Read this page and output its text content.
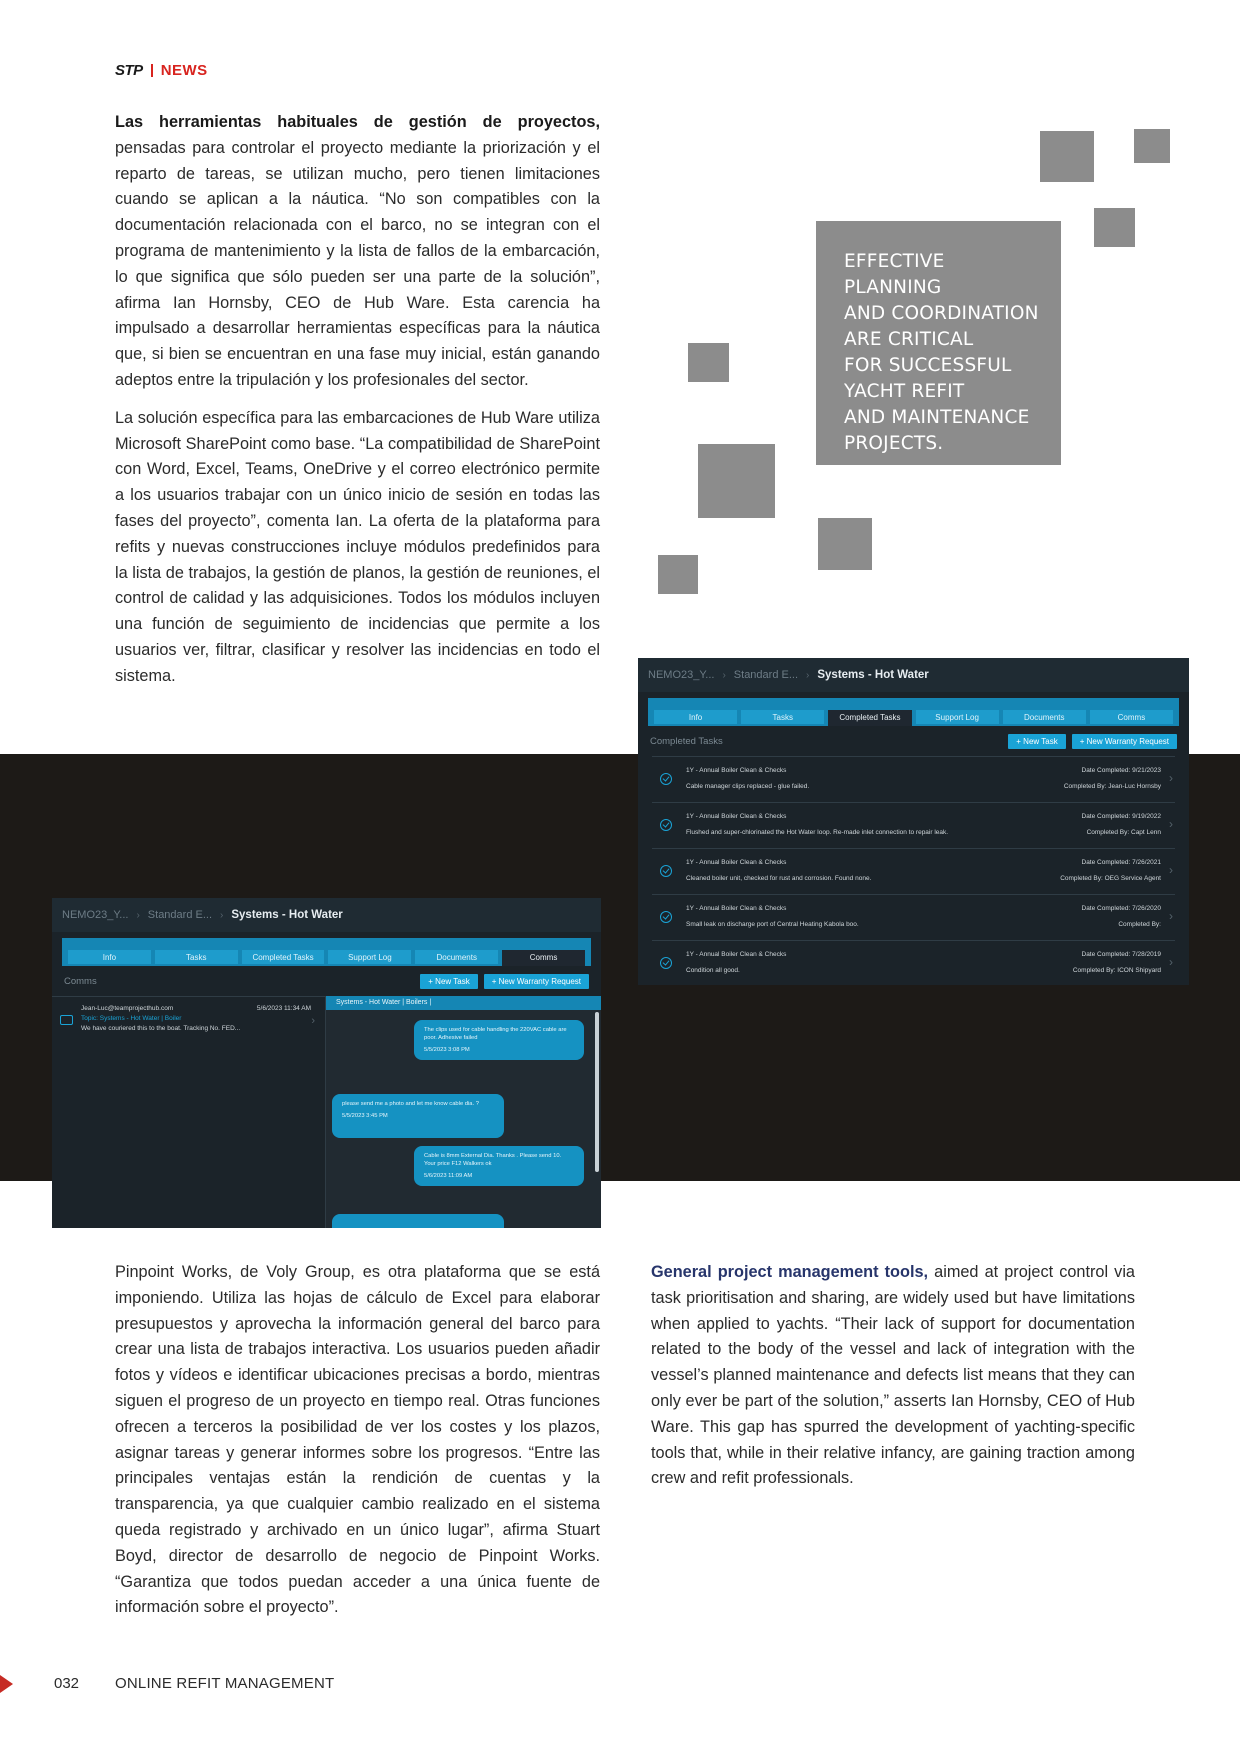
STP NEWS

Las herramientas habituales de gestión de proyectos, pensadas para controlar el proyecto mediante la priorización y el reparto de tareas, se utilizan mucho, pero tienen limitaciones cuando se aplican a la náutica. “No son compatibles con la documentación relacionada con el barco, no se integran con el programa de mantenimiento y la lista de fallos de la embarcación, lo que significa que sólo pueden ser una parte de la solución”, afirma Ian Hornsby, CEO de Hub Ware. Esta carencia ha impulsado a desarrollar herramientas específicas para la náutica que, si bien se encuentran en una fase muy inicial, están ganando adeptos entre la tripulación y los profesionales del sector.

La solución específica para las embarcaciones de Hub Ware utiliza Microsoft SharePoint como base. “La compatibilidad de SharePoint con Word, Excel, Teams, OneDrive y el correo electrónico permite a los usuarios trabajar con un único inicio de sesión en todas las fases del proyecto”, comenta Ian. La oferta de la plataforma para refits y nuevas construcciones incluye módulos predefinidos para la lista de trabajos, la gestión de planos, la gestión de reuniones, el control de calidad y las adquisiciones. Todos los módulos incluyen una función de seguimiento de incidencias que permite a los usuarios ver, filtrar, clasificar y resolver las incidencias en todo el sistema.

EFFECTIVE PLANNING
AND COORDINATION
ARE CRITICAL
FOR SUCCESSFUL
YACHT REFIT
AND MAINTENANCE
PROJECTS.
NEMO23_Y... › Standard E... › Systems - Hot Water
Info	Tasks	Completed Tasks	Support Log	Documents	Comms
Completed Tasks	+ New Task	+ New Warranty Request
1Y - Annual Boiler Clean & Checks
Cable manager clips replaced - glue failed.
Date Completed: 9/21/2023
Completed By: Jean-Luc Hornsby
›
1Y - Annual Boiler Clean & Checks
Flushed and super-chlorinated the Hot Water loop. Re-made inlet connection to repair leak.
Date Completed: 9/19/2022
Completed By: Capt Lenn
›
1Y - Annual Boiler Clean & Checks
Cleaned boiler unit, checked for rust and corrosion. Found none.
Date Completed: 7/26/2021
Completed By: OEG Service Agent
›
1Y - Annual Boiler Clean & Checks
Small leak on discharge port of Central Heating Kabola boo.
Date Completed: 7/26/2020
Completed By:
›
1Y - Annual Boiler Clean & Checks
Condition all good.
Date Completed: 7/28/2019
Completed By: ICON Shipyard
›
NEMO23_Y... › Standard E... › Systems - Hot Water
Info	Tasks	Completed Tasks	Support Log	Documents	Comms
Comms	+ New Task	+ New Warranty Request
Jean-Luc@teamprojecthub.com
Topic: Systems - Hot Water | Boiler
We have couriered this to the boat. Tracking No. FED...
5/6/2023 11:34 AM
›
Systems - Hot Water | Boilers |
The clips used for cable handling the 220VAC cable are poor. Adhesive failed
5/5/2023 3:08 PM
please send me a photo and let me know cable dia. ?
5/5/2023 3:45 PM
Cable is 8mm External Dia. Thanks . Please send 10. Your price F12 Walkers ok
5/6/2023 11:09 AM

Pinpoint Works, de Voly Group, es otra plataforma que se está imponiendo. Utiliza las hojas de cálculo de Excel para elaborar presupuestos y aprovecha la información general del barco para crear una lista de trabajos interactiva. Los usuarios pueden añadir fotos y vídeos e identificar ubicaciones precisas a bordo, mientras siguen el progreso de un proyecto en tiempo real. Otras funciones ofrecen a terceros la posibilidad de ver los costes y los plazos, asignar tareas y generar informes sobre los progresos. “Entre las principales ventajas están la rendición de cuentas y la transparencia, ya que cualquier cambio realizado en el sistema queda registrado y archivado en un único lugar”, afirma Stuart Boyd, director de desarrollo de negocio de Pinpoint Works. “Garantiza que todos puedan acceder a una única fuente de información sobre el proyecto”.

General project management tools, aimed at project control via task prioritisation and sharing, are widely used but have limitations when applied to yachts. “Their lack of support for documentation related to the body of the vessel and lack of integration with the vessel’s planned maintenance and defects list means that they can only ever be part of the solution,” asserts Ian Hornsby, CEO of Hub Ware. This gap has spurred the development of yachting-specific tools that, while in their relative infancy, are gaining traction among crew and refit professionals.

032 ONLINE REFIT MANAGEMENT
